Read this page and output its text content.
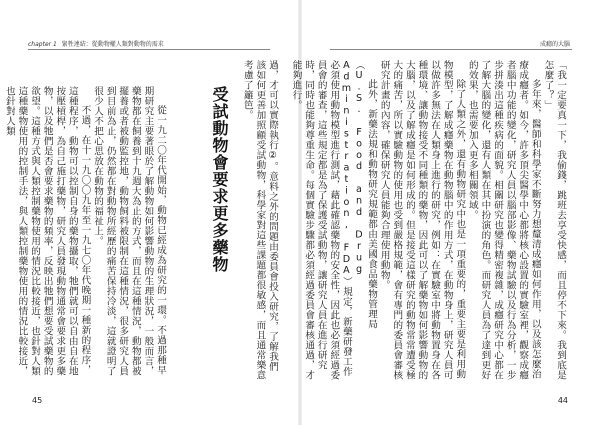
chapter 1 緊牲連結：從動物權人類對動物的需求

過，才可以實際執行②。意料之外的問題由委員會投入研究，了解我們該如何更善加照顧受試動物，科學家對這些課題都很敏感，而且通常樂意考慮了籬笆。

受試動物會要求更多藥物

從一九二〇年代開始，動物已經成為研究的一環。不過那種早期研究主要著眼於了解動物如何影響動物的生理狀況，一般而言，藥物都在飼養到十九週大為止的方式，而且在這種情況，動物都被擺養或者被動監控地，動物飼料被限制在這種情況，很多研究人員到目前為止，仍然都在對動物所經歷的痛苦保持冷淡，這就證明了很少人不把心思放在動物的福祉上。

不過，在十一九〇〇九年至一九七〇年代晚期一種新的程序，這種程序，動物可以控制自身的藥物攝取，牠們就可以自由自在地按壓槓桿，為自己施打藥物，研究人員發現動物通常會要求更多藥物，以及牠們是否會要求藥物的頻率，反映出牠們想要受試藥物的欲望。這種方式與人類控制藥物使用的情況比較接近，也針對人類這種藥物使用的控制手法，與人類控制藥物使用的情況比較接近，也針對人類

45
成癮的大腦

「我一定要真一下，我偷錢，跳班去享受快感，而且停不下來。我到底是怎麼了？」

多年來，醫師和科學家不斷努力想釐清成癮如何作用，以及該怎麼治療成癮者。如今，許多頂尖醫學中心都將核心設置的實驗室裡，觀察成癮者腦中功能的變化，研究人員以腦部影像、藥物試驗以及行為分析，一步步拼湊出這種疾病的面貌。相關研究也變得精密複雜，成癮研究中心都在了解大腦的變化，還有人類在其中扮演的角色。而研究人員為了達到更好的效果，也需要加入更多相關領域。

除了人類之外，還有動物研究中也是一項重要的，重要主要是利用動物模型，了解成癮藥物在動物腦中的作用方式，在動物身上，研究人員可以做許多無法在人類身上進行的研究，例如：在實驗室中將動物置身在各種環境、讓動物接受不同種類的藥物，因此可以了解藥物如何影響動物的大腦，以及了解成癮是如何形成的。但是接受這樣研究的動物常常遭受極大的痛苦，所以實驗動物的使用也受到嚴格規範，會有專門的委員會審核研究計畫的內容，確保研究人員能夠合理使用動物。

此外，新藥法規和動物研究規範都由美國食品藥物管理局（U.S. Food and Drug Administration, FDA）規定，新藥研發工作必須使用動物模型進行測試，藉此確認藥物的安全性，因此也必須經過委員會的審查，這些規定都是為了保護受試動物，讓研究人員在進行研究時，同時也能夠尊重生命。每個實驗步驟都必須經過委員會審核通過，才能夠進行。

44
